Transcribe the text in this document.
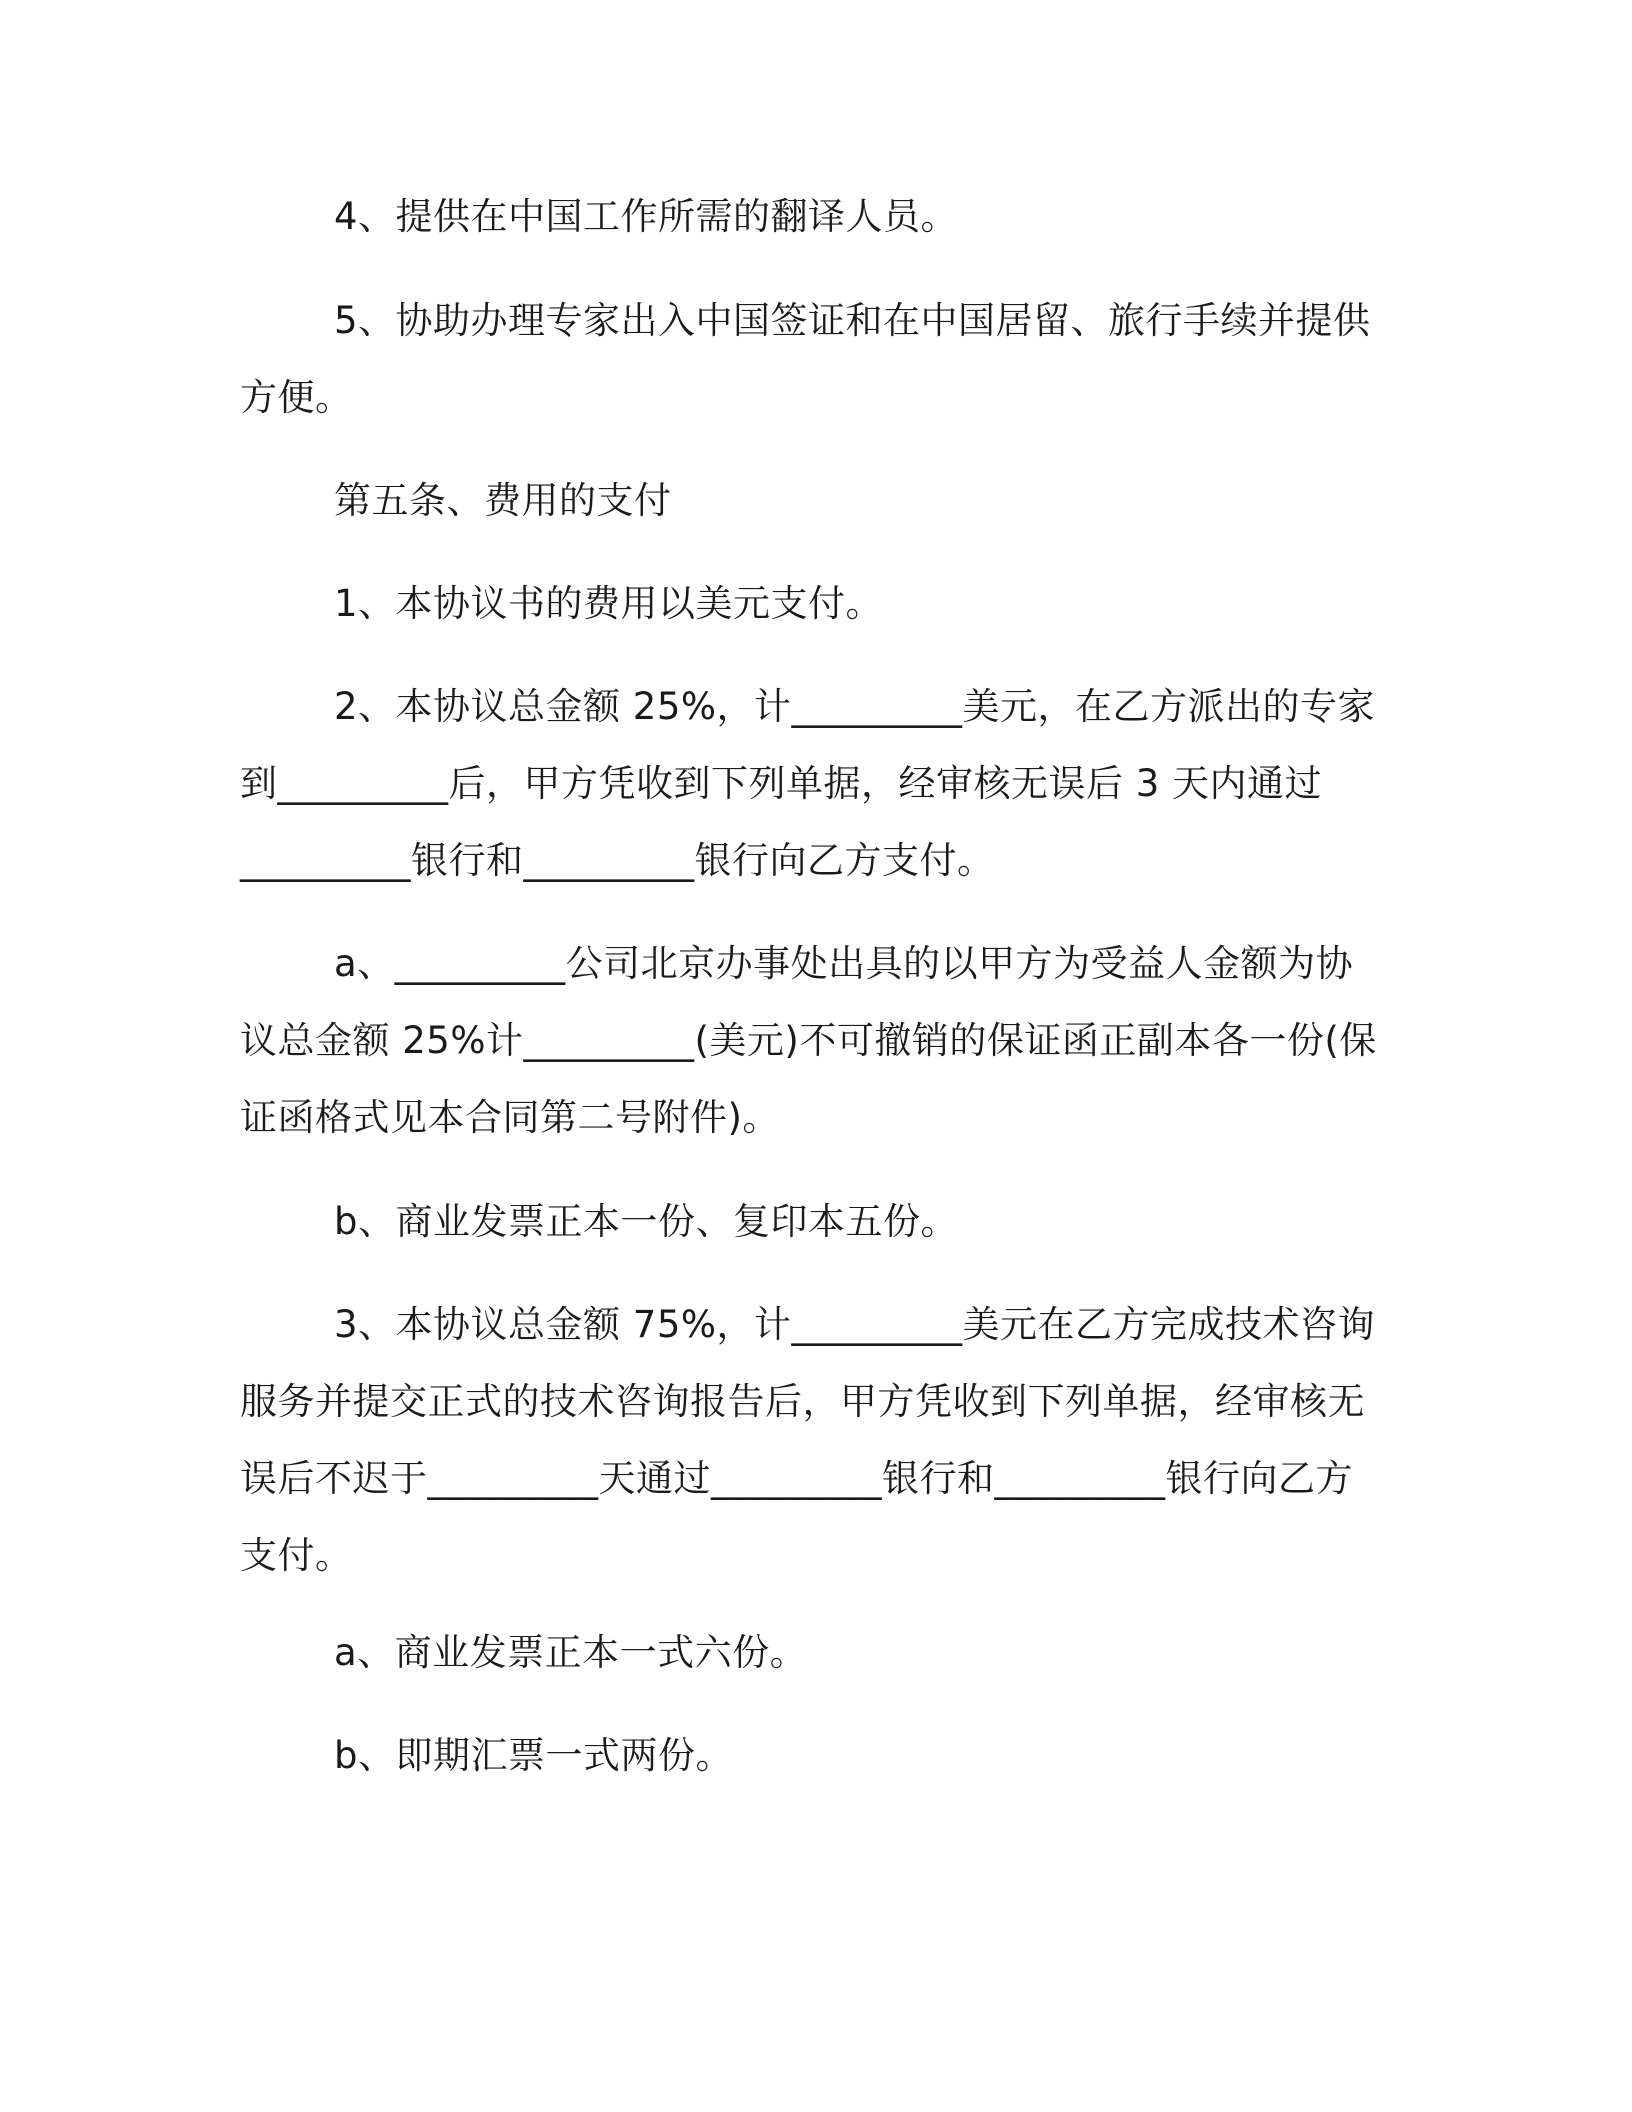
4、提供在中国工作所需的翻译人员。

5、协助办理专家出入中国签证和在中国居留、旅行手续并提供方便。

第五条、费用的支付

1、本协议书的费用以美元支付。

2、本协议总金额 25%，计_________美元，在乙方派出的专家到_________后，甲方凭收到下列单据，经审核无误后 3 天内通过_________银行和_________银行向乙方支付。

a、_________公司北京办事处出具的以甲方为受益人金额为协议总金额 25%计_________(美元)不可撤销的保证函正副本各一份(保证函格式见本合同第二号附件)。

b、商业发票正本一份、复印本五份。

3、本协议总金额 75%，计_________美元在乙方完成技术咨询服务并提交正式的技术咨询报告后，甲方凭收到下列单据，经审核无误后不迟于_________天通过_________银行和_________银行向乙方支付。

a、商业发票正本一式六份。

b、即期汇票一式两份。
